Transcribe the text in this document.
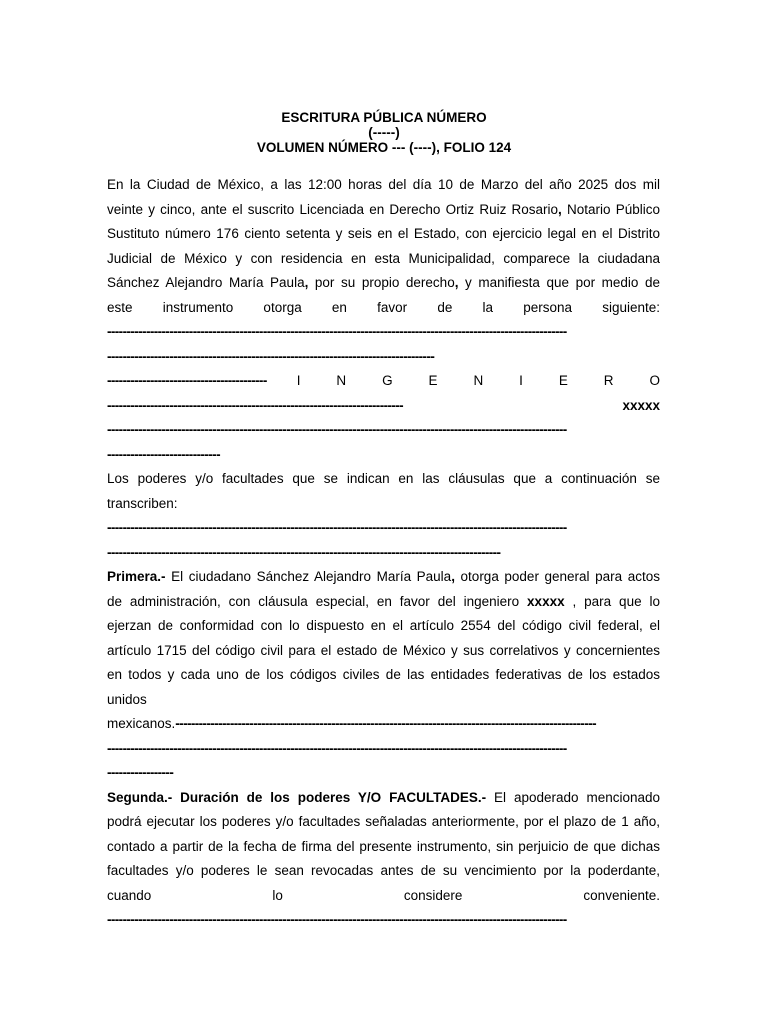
ESCRITURA PÚBLICA NÚMERO
(-----)
VOLUMEN NÚMERO --- (----), FOLIO 124
En la Ciudad de México, a las 12:00 horas del día 10 de Marzo del año 2025 dos mil
veinte y cinco, ante el suscrito Licenciada en Derecho Ortiz Ruiz Rosario, Notario Público
Sustituto número 176 ciento setenta y seis en el Estado, con ejercicio legal en el Distrito
Judicial de México y con residencia en esta Municipalidad, comparece la ciudadana
Sánchez Alejandro María Paula, por su propio derecho, y manifiesta que por medio de
este instrumento otorga en favor de la persona siguiente:
----------------------------------------------------------------------------------------------------------------------
------------------------------------------------------------------------------------
----------------------------------------- I	N	G	E	N	I	E	R	O
----------------------------------------------------------------------------	xxxxx
----------------------------------------------------------------------------------------------------------------------
-----------------------------
Los poderes y/o facultades que se indican en las cláusulas que a continuación se
transcriben:
----------------------------------------------------------------------------------------------------------------------
-----------------------------------------------------------------------------------------------------
Primera.- El ciudadano Sánchez Alejandro María Paula, otorga poder general para actos
de administración, con cláusula especial, en favor del ingeniero xxxxx , para que lo
ejerzan de conformidad con lo dispuesto en el artículo 2554 del código civil federal, el
artículo 1715 del código civil para el estado de México y sus correlativos y concernientes
en todos y cada uno de los códigos civiles de las entidades federativas de los estados
unidos
mexicanos.------------------------------------------------------------------------------------------------------------
----------------------------------------------------------------------------------------------------------------------
-----------------
Segunda.- Duración de los poderes Y/O FACULTADES.- El apoderado mencionado
podrá ejecutar los poderes y/o facultades señaladas anteriormente, por el plazo de 1 año,
contado a partir de la fecha de firma del presente instrumento, sin perjuicio de que dichas
facultades y/o poderes le sean revocadas antes de su vencimiento por la poderdante,
cuando lo considere conveniente.
----------------------------------------------------------------------------------------------------------------------
